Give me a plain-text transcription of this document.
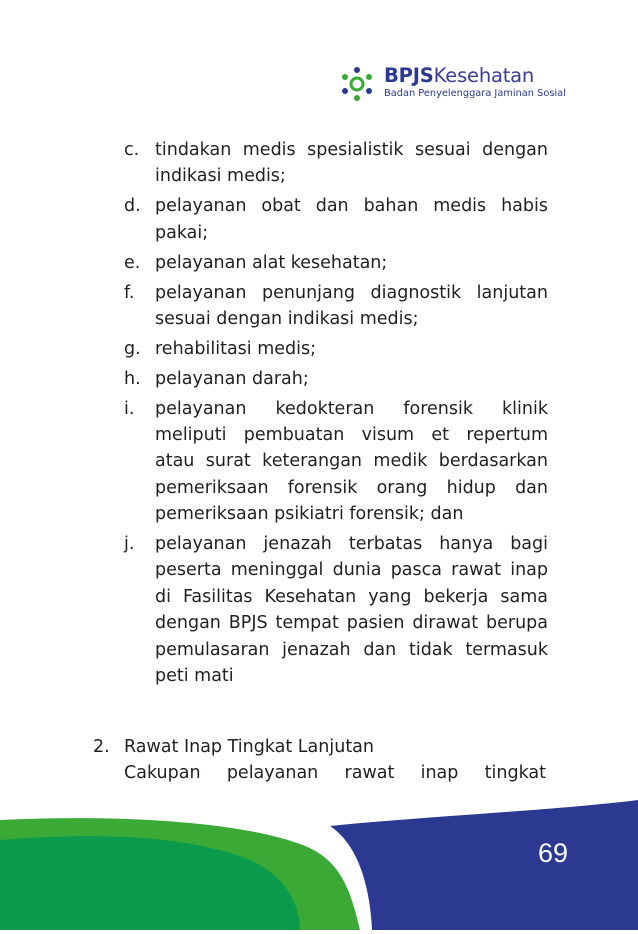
BPJSKesehatan
Badan Penyelenggara Jaminan Sosial
c. tindakan medis spesialistik sesuai dengan
indikasi medis;
d. pelayanan obat dan bahan medis habis
pakai;
e. pelayanan alat kesehatan;
f. pelayanan penunjang diagnostik lanjutan
sesuai dengan indikasi medis;
g. rehabilitasi medis;
h. pelayanan darah;
i. pelayanan kedokteran forensik klinik
meliputi pembuatan visum et repertum
atau surat keterangan medik berdasarkan
pemeriksaan forensik orang hidup dan
pemeriksaan psikiatri forensik; dan
j. pelayanan jenazah terbatas hanya bagi
peserta meninggal dunia pasca rawat inap
di Fasilitas Kesehatan yang bekerja sama
dengan BPJS tempat pasien dirawat berupa
pemulasaran jenazah dan tidak termasuk
peti mati
2. Rawat Inap Tingkat Lanjutan
Cakupan pelayanan rawat inap tingkat
69
